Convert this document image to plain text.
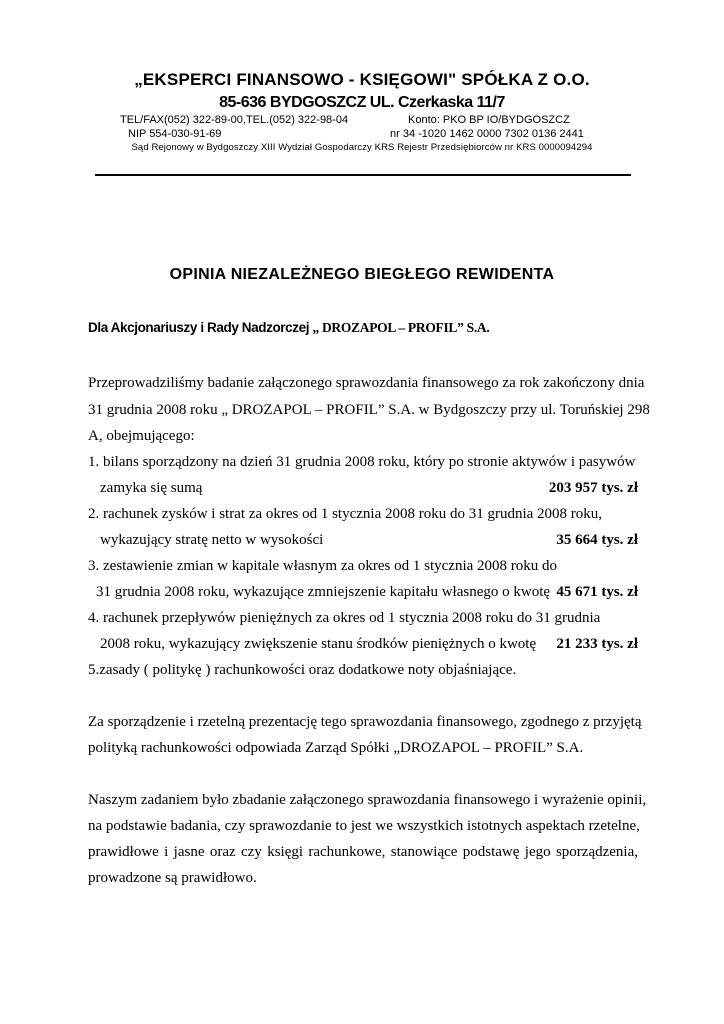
„EKSPERCI FINANSOWO - KSIĘGOWI" SPÓŁKA Z O.O.
85-636 BYDGOSZCZ UL. Czerkaska 11/7
TEL/FAX(052) 322-89-00,TEL.(052) 322-98-04	Konto: PKO BP IO/BYDGOSZCZ
NIP 554-030-91-69	nr 34 -1020 1462 0000 7302 0136 2441
Sąd Rejonowy w Bydgoszczy XIII Wydział Gospodarczy KRS Rejestr Przedsiębiorców nr KRS 0000094294
OPINIA NIEZALEŻNEGO BIEGŁEGO REWIDENTA
Dla Akcjonariuszy i Rady Nadzorczej „ DROZAPOL – PROFIL” S.A.
Przeprowadziliśmy badanie załączonego sprawozdania finansowego za rok zakończony dnia
31 grudnia 2008 roku „ DROZAPOL – PROFIL” S.A. w Bydgoszczy przy ul. Toruńskiej 298
A, obejmującego:
1. bilans sporządzony na dzień 31 grudnia 2008 roku, który po stronie aktywów i pasywów
zamyka się sumą	203 957 tys. zł
2. rachunek zysków i strat za okres od 1 stycznia 2008 roku do 31 grudnia 2008 roku,
wykazujący stratę netto w wysokości	35 664 tys. zł
3. zestawienie zmian w kapitale własnym za okres od 1 stycznia 2008 roku do
31 grudnia 2008 roku, wykazujące zmniejszenie kapitału własnego o kwotę 45 671 tys. zł
4. rachunek przepływów pieniężnych za okres od 1 stycznia 2008 roku do 31 grudnia
2008 roku, wykazujący zwiększenie stanu środków pieniężnych o kwotę 21 233 tys. zł
5.zasady ( politykę ) rachunkowości oraz dodatkowe noty objaśniające.
Za sporządzenie i rzetelną prezentację tego sprawozdania finansowego, zgodnego z przyjętą
polityką rachunkowości odpowiada Zarząd Spółki „DROZAPOL – PROFIL” S.A.
Naszym zadaniem było zbadanie załączonego sprawozdania finansowego i wyrażenie opinii,
na podstawie badania, czy sprawozdanie to jest we wszystkich istotnych aspektach rzetelne,
prawidłowe i jasne oraz czy księgi rachunkowe, stanowiące podstawę jego sporządzenia,
prowadzone są prawidłowo.
